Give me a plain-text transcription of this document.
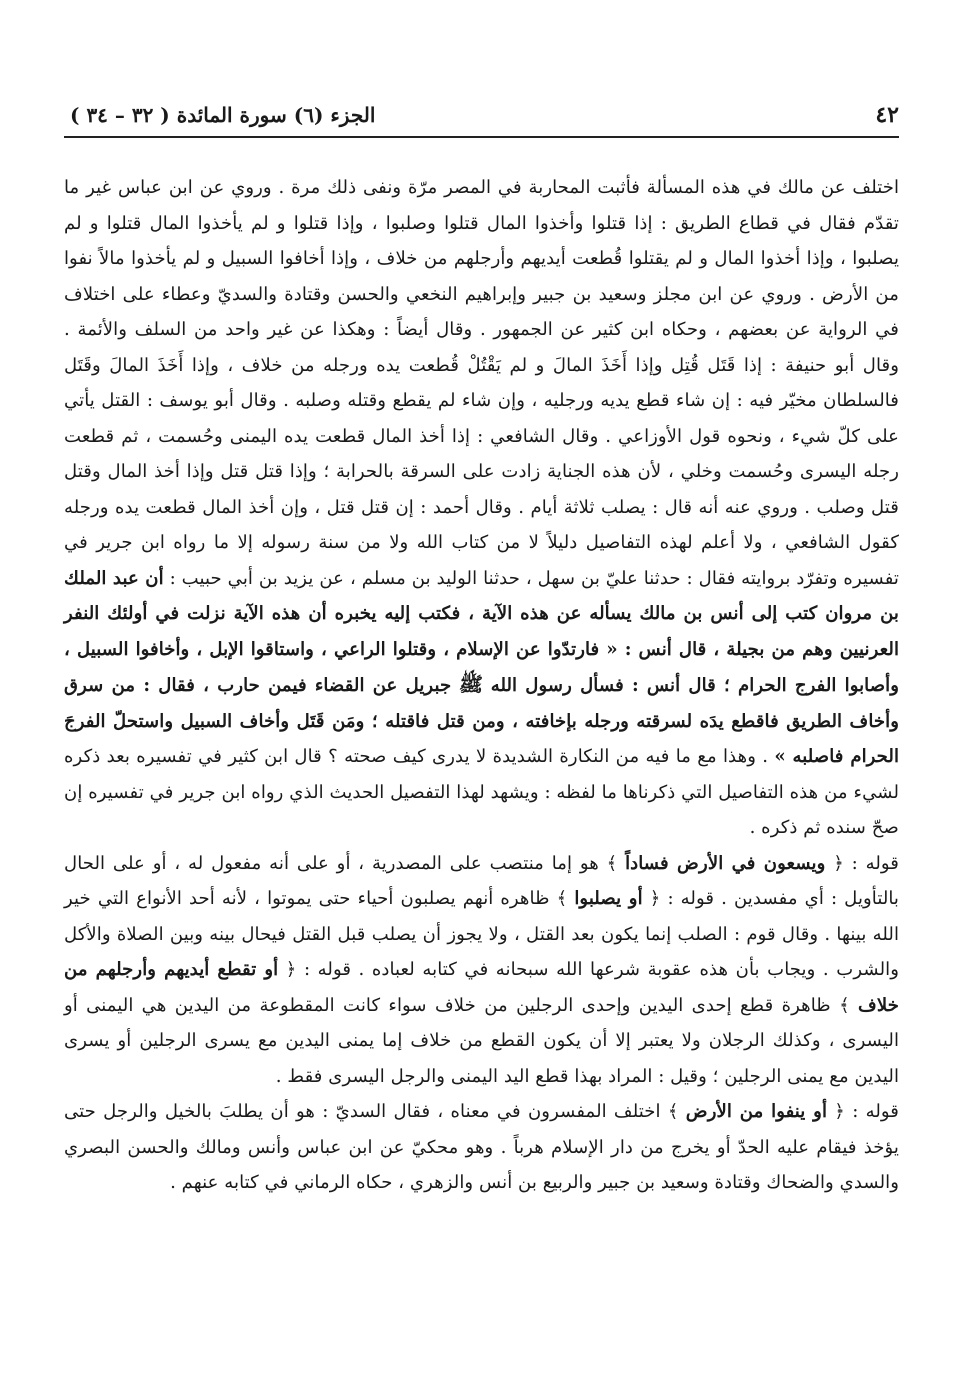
٤٢
الجزء (٦) سورة المائدة ( ٣٢ – ٣٤ )

اختلف عن مالك في هذه المسألة فأثبت المحاربة في المصر مرّة ونفى ذلك مرة . وروي عن ابن عباس غير ما تقدّم فقال في قطاع الطريق : إذا قتلوا وأخذوا المال قتلوا وصلبوا ، وإذا قتلوا و لم يأخذوا المال قتلوا و لم يصلبوا ، وإذا أخذوا المال و لم يقتلوا قُطعت أيديهم وأرجلهم من خلاف ، وإذا أخافوا السبيل و لم يأخذوا مالاً نفوا من الأرض . وروي عن ابن مجلز وسعيد بن جبير وإبراهيم النخعي والحسن وقتادة والسديّ وعطاء على اختلاف في الرواية عن بعضهم ، وحكاه ابن كثير عن الجمهور . وقال أيضاً : وهكذا عن غير واحد من السلف والأئمة . وقال أبو حنيفة : إذا قَتَل قُتِل وإذا أَخَذَ المالَ و لم يَقْتُلْ قُطعت يده ورجله من خلاف ، وإذا أَخَذَ المالَ وقَتَل فالسلطان مخيّر فيه : إن شاء قطع يديه ورجليه ، وإن شاء لم يقطع وقتله وصلبه . وقال أبو يوسف : القتل يأتي على كلّ شيء ، ونحوه قول الأوزاعي . وقال الشافعي : إذا أخذ المال قطعت يده اليمنى وحُسمت ، ثم قطعت رجله اليسرى وحُسمت وخلي ، لأن هذه الجناية زادت على السرقة بالحرابة ؛ وإذا قتل قتل وإذا أخذ المال وقتل قتل وصلب . وروي عنه أنه قال : يصلب ثلاثة أيام . وقال أحمد : إن قتل قتل ، وإن أخذ المال قطعت يده ورجله كقول الشافعي ، ولا أعلم لهذه التفاصيل دليلاً لا من كتاب الله ولا من سنة رسوله إلا ما رواه ابن جرير في تفسيره وتفرّد بروايته فقال : حدثنا عليّ بن سهل ، حدثنا الوليد بن مسلم ، عن يزيد بن أبي حبيب : أن عبد الملك بن مروان كتب إلى أنس بن مالك يسأله عن هذه الآية ، فكتب إليه يخبره أن هذه الآية نزلت في أولئك النفر العرنيين وهم من بجيلة ، قال أنس : « فارتدّوا عن الإسلام ، وقتلوا الراعي ، واستاقوا الإبل ، وأخافوا السبيل ، وأصابوا الفرج الحرام ؛ قال أنس : فسأل رسول الله ﷺ جبريل عن القضاء فيمن حارب ، فقال : من سرق وأخاف الطريق فاقطع يدَه لسرقته ورجله بإخافته ، ومن قتل فاقتله ؛ ومَن قَتَل وأخاف السبيل واستحلّ الفرجَ الحرام فاصلبه » . وهذا مع ما فيه من النكارة الشديدة لا يدرى كيف صحته ؟ قال ابن كثير في تفسيره بعد ذكره لشيء من هذه التفاصيل التي ذكرناها ما لفظه : ويشهد لهذا التفصيل الحديث الذي رواه ابن جرير في تفسيره إن صحّ سنده ثم ذكره .

قوله : ﴿ ويسعون في الأرض فساداً ﴾ هو إما منتصب على المصدرية ، أو على أنه مفعول له ، أو على الحال بالتأويل : أي مفسدين . قوله : ﴿ أو يصلبوا ﴾ ظاهره أنهم يصلبون أحياء حتى يموتوا ، لأنه أحد الأنواع التي خير الله بينها . وقال قوم : الصلب إنما يكون بعد القتل ، ولا يجوز أن يصلب قبل القتل فيحال بينه وبين الصلاة والأكل والشرب . ويجاب بأن هذه عقوبة شرعها الله سبحانه في كتابه لعباده . قوله : ﴿ أو تقطع أيديهم وأرجلهم من خلاف ﴾ ظاهرة قطع إحدى اليدين وإحدى الرجلين من خلاف سواء كانت المقطوعة من اليدين هي اليمنى أو اليسرى ، وكذلك الرجلان ولا يعتبر إلا أن يكون القطع من خلاف إما يمنى اليدين مع يسرى الرجلين أو يسرى اليدين مع يمنى الرجلين ؛ وقيل : المراد بهذا قطع اليد اليمنى والرجل اليسرى فقط .

قوله : ﴿ أو ينفوا من الأرض ﴾ اختلف المفسرون في معناه ، فقال السديّ : هو أن يطلبَ بالخيل والرجل حتى يؤخذ فيقام عليه الحدّ أو يخرج من دار الإسلام هرباً . وهو محكيّ عن ابن عباس وأنس ومالك والحسن البصري والسدي والضحاك وقتادة وسعيد بن جبير والربيع بن أنس والزهري ، حكاه الرماني في كتابه عنهم .
